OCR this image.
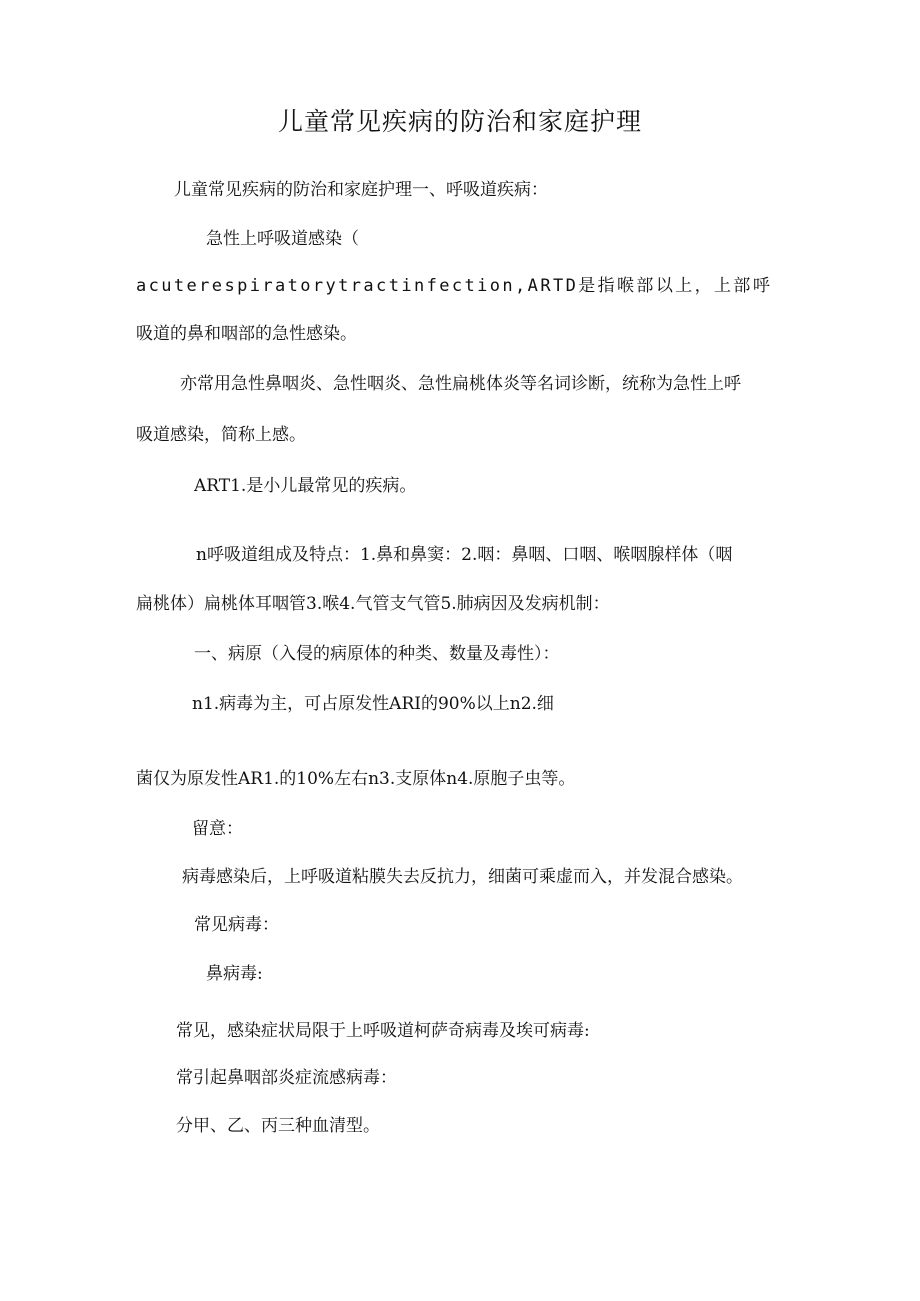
儿童常见疾病的防治和家庭护理
儿童常见疾病的防治和家庭护理一、呼吸道疾病：
急性上呼吸道感染（
acuterespiratorytractinfection,ARTD是指喉部以上，上部呼
吸道的鼻和咽部的急性感染。
亦常用急性鼻咽炎、急性咽炎、急性扁桃体炎等名词诊断，统称为急性上呼
吸道感染，简称上感。
ART1.是小儿最常见的疾病。
n呼吸道组成及特点：1.鼻和鼻窦：2.咽：鼻咽、口咽、喉咽腺样体（咽
扁桃体）扁桃体耳咽管3.喉4.气管支气管5.肺病因及发病机制：
一、病原（入侵的病原体的种类、数量及毒性）：
n1.病毒为主，可占原发性ARI的90%以上n2.细
菌仅为原发性AR1.的10%左右n3.支原体n4.原胞子虫等。
留意：
病毒感染后，上呼吸道粘膜失去反抗力，细菌可乘虚而入，并发混合感染。
常见病毒：
鼻病毒:
常见，感染症状局限于上呼吸道柯萨奇病毒及埃可病毒:
常引起鼻咽部炎症流感病毒：
分甲、乙、丙三种血清型。
